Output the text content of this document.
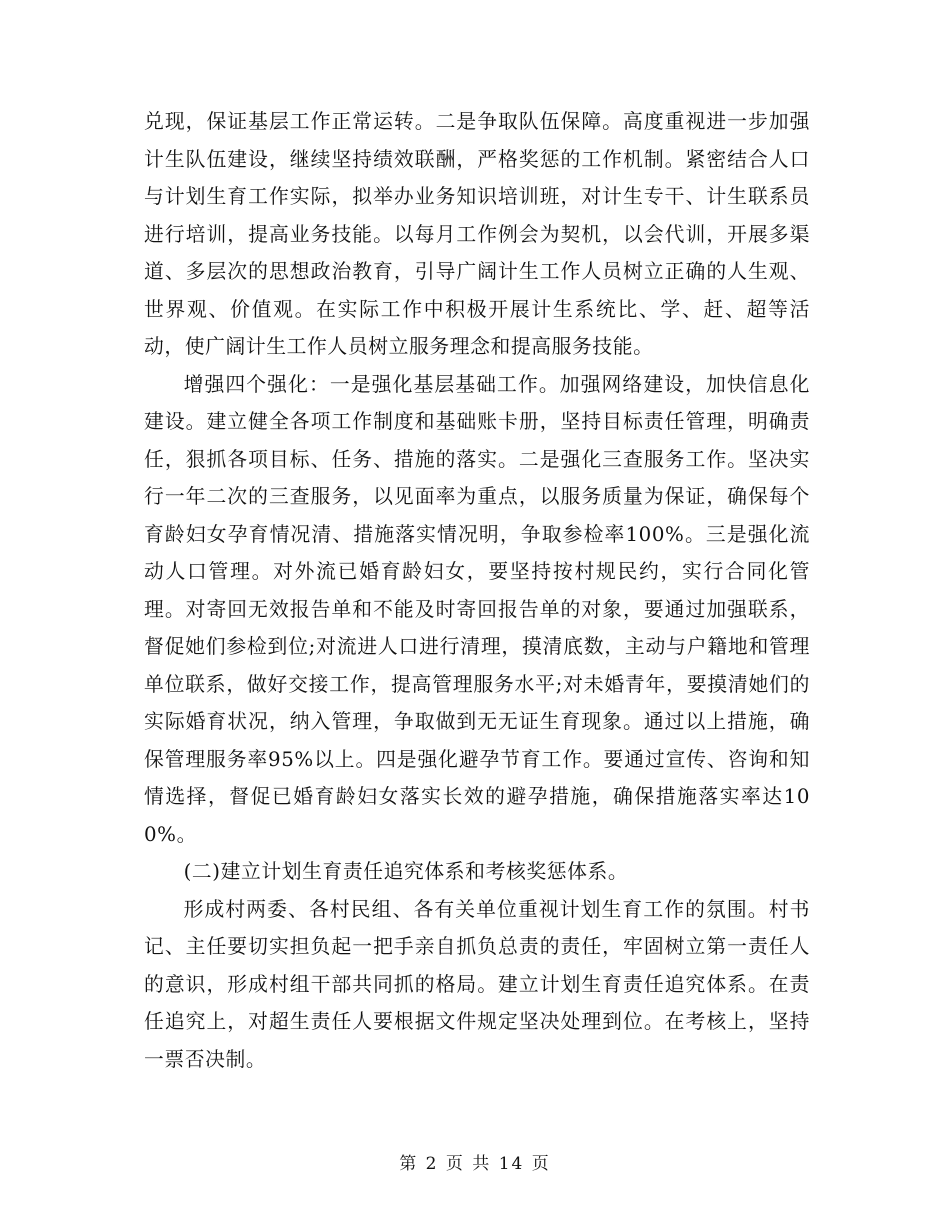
兑现，保证基层工作正常运转。二是争取队伍保障。高度重视进一步加强计生队伍建设，继续坚持绩效联酬，严格奖惩的工作机制。紧密结合人口与计划生育工作实际，拟举办业务知识培训班，对计生专干、计生联系员进行培训，提高业务技能。以每月工作例会为契机，以会代训，开展多渠道、多层次的思想政治教育，引导广阔计生工作人员树立正确的人生观、世界观、价值观。在实际工作中积极开展计生系统比、学、赶、超等活动，使广阔计生工作人员树立服务理念和提高服务技能。

增强四个强化：一是强化基层基础工作。加强网络建设，加快信息化建设。建立健全各项工作制度和基础账卡册，坚持目标责任管理，明确责任，狠抓各项目标、任务、措施的落实。二是强化三查服务工作。坚决实行一年二次的三查服务，以见面率为重点，以服务质量为保证，确保每个育龄妇女孕育情况清、措施落实情况明，争取参检率100%。三是强化流动人口管理。对外流已婚育龄妇女，要坚持按村规民约，实行合同化管理。对寄回无效报告单和不能及时寄回报告单的对象，要通过加强联系，督促她们参检到位;对流进人口进行清理，摸清底数，主动与户籍地和管理单位联系，做好交接工作，提高管理服务水平;对未婚青年，要摸清她们的实际婚育状况，纳入管理，争取做到无无证生育现象。通过以上措施，确保管理服务率95%以上。四是强化避孕节育工作。要通过宣传、咨询和知情选择，督促已婚育龄妇女落实长效的避孕措施，确保措施落实率达100%。

(二)建立计划生育责任追究体系和考核奖惩体系。

形成村两委、各村民组、各有关单位重视计划生育工作的氛围。村书记、主任要切实担负起一把手亲自抓负总责的责任，牢固树立第一责任人的意识，形成村组干部共同抓的格局。建立计划生育责任追究体系。在责任追究上，对超生责任人要根据文件规定坚决处理到位。在考核上，坚持一票否决制。

第 2 页 共 14 页
